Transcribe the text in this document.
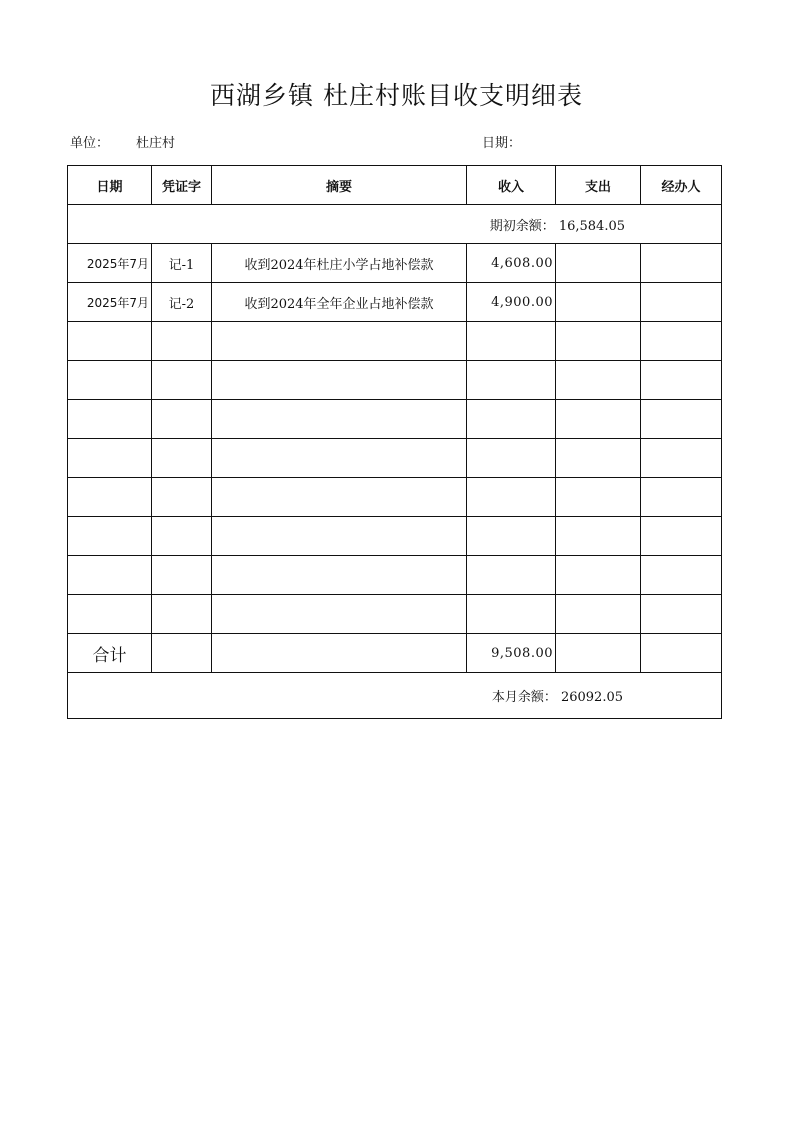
西湖乡镇 杜庄村账目收支明细表
单位： 杜庄村	日期：
日期	凭证字	摘要	收入	支出	经办人
期初余额： 16,584.05					
2025年7月	记-1	收到2024年杜庄小学占地补偿款	4,608.00		
2025年7月	记-2	收到2024年全年企业占地补偿款	4,900.00		

合计			9,508.00		
本月余额： 26092.05					
